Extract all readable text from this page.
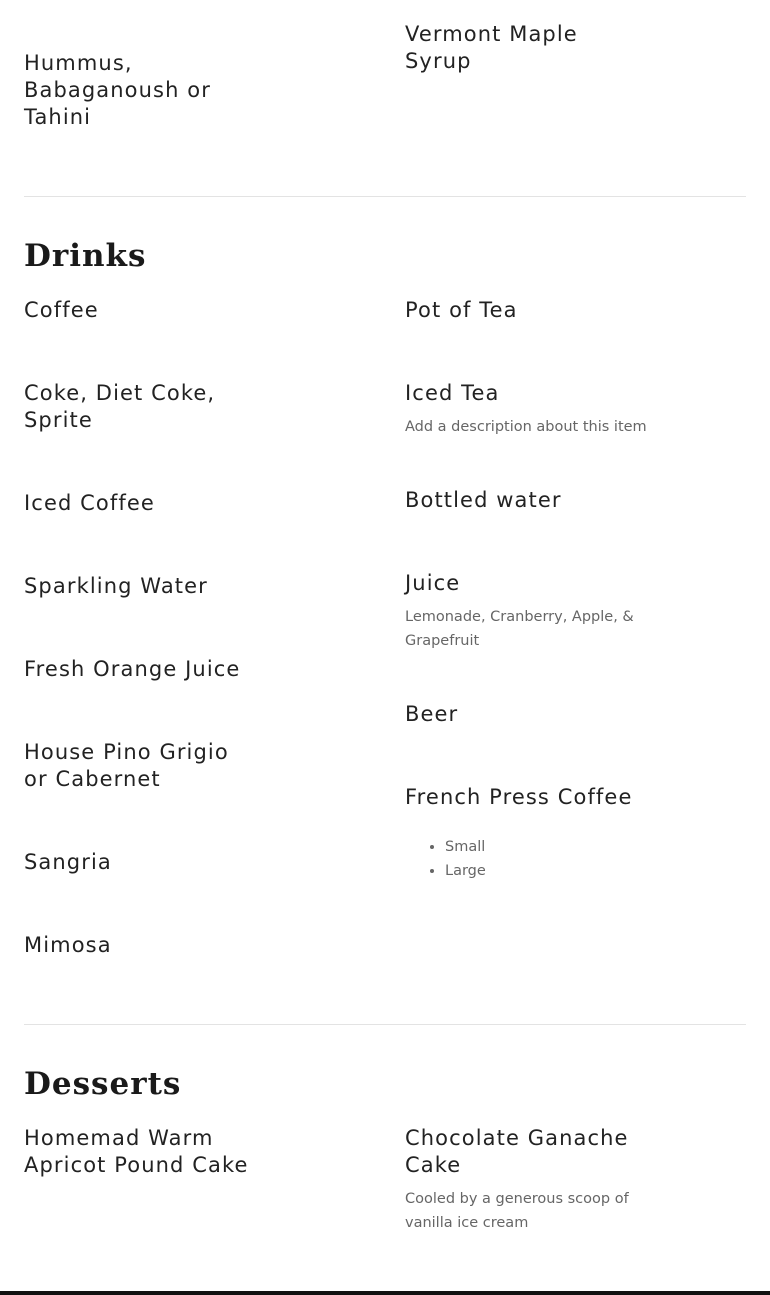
Hummus,
Babaganoush or
Tahini
Vermont Maple
Syrup
Drinks
Coffee
Coke, Diet Coke,
Sprite
Iced Coffee
Sparkling Water
Fresh Orange Juice
House Pino Grigio
or Cabernet
Sangria
Mimosa
Pot of Tea
Iced Tea
Add a description about this item
Bottled water
Juice
Lemonade, Cranberry, Apple, &
Grapefruit
Beer
French Press Coffee
• Small
• Large
Desserts
Homemad Warm
Apricot Pound Cake
Chocolate Ganache
Cake
Cooled by a generous scoop of
vanilla ice cream
